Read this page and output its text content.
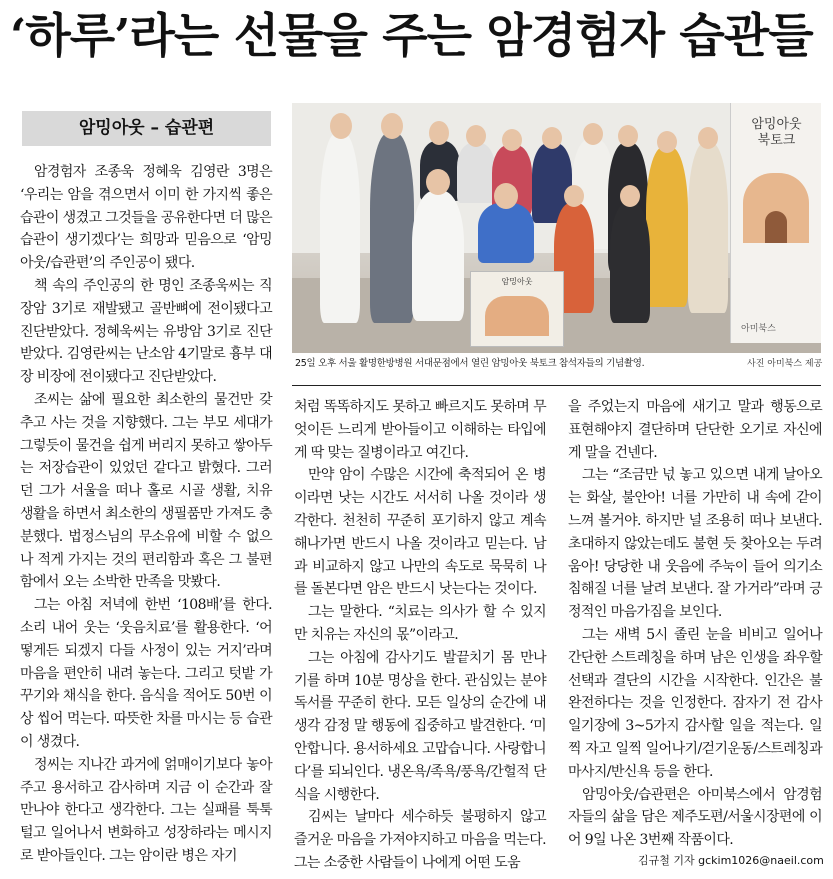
‘하루’라는 선물을 주는 암경험자 습관들
암밍아웃 – 습관편
암밍아웃
암밍아웃
북토크
아미북스
25일 오후 서울 활명한방병원 서대문점에서 열린 암밍아웃 북토크 참석자들의 기념촬영.	사진 아미북스 제공

암경험자 조종욱 정혜욱 김영란 3명은 ‘우리는 암을 겪으면서 이미 한 가지씩 좋은 습관이 생겼고 그것들을 공유한다면 더 많은 습관이 생기겠다’는 희망과 믿음으로 ‘암밍아웃/습관편’의 주인공이 됐다.

책 속의 주인공의 한 명인 조종욱씨는 직장암 3기로 재발됐고 골반뼈에 전이됐다고 진단받았다. 정혜욱씨는 유방암 3기로 진단받았다. 김영란씨는 난소암 4기말로 흉부 대장 비장에 전이됐다고 진단받았다.

조씨는 삶에 필요한 최소한의 물건만 갖추고 사는 것을 지향했다. 그는 부모 세대가 그렇듯이 물건을 쉽게 버리지 못하고 쌓아두는 저장습관이 있었던 같다고 밝혔다. 그러던 그가 서울을 떠나 홀로 시골 생활, 치유 생활을 하면서 최소한의 생필품만 가져도 충분했다. 법정스님의 무소유에 비할 수 없으나 적게 가지는 것의 편리함과 혹은 그 불편함에서 오는 소박한 만족을 맛봤다.

그는 아침 저녁에 한번 ‘108배’를 한다. 소리 내어 웃는 ‘웃음치료’를 활용한다. ‘어떻게든 되겠지 다들 사정이 있는 거지’라며 마음을 편안히 내려 놓는다. 그리고 텃밭 가꾸기와 채식을 한다. 음식을 적어도 50번 이상 씹어 먹는다. 따뜻한 차를 마시는 등 습관이 생겼다.

정씨는 지나간 과거에 얽매이기보다 놓아주고 용서하고 감사하며 지금 이 순간과 잘 만나야 한다고 생각한다. 그는 실패를 툭툭 털고 일어나서 변화하고 성장하라는 메시지로 받아들인다. 그는 암이란 병은 자기

처럼 똑똑하지도 못하고 빠르지도 못하며 무엇이든 느리게 받아들이고 이해하는 타입에게 딱 맞는 질병이라고 여긴다.

만약 암이 수많은 시간에 축적되어 온 병이라면 낫는 시간도 서서히 나올 것이라 생각한다. 천천히 꾸준히 포기하지 않고 계속 해나가면 반드시 나올 것이라고 믿는다. 남과 비교하지 않고 나만의 속도로 묵묵히 나를 돌본다면 암은 반드시 낫는다는 것이다.

그는 말한다. “치료는 의사가 할 수 있지만 치유는 자신의 몫”이라고.

그는 아침에 감사기도 발끝치기 몸 만나기를 하며 10분 명상을 한다. 관심있는 분야 독서를 꾸준히 한다. 모든 일상의 순간에 내 생각 감정 말 행동에 집중하고 발견한다. ‘미안합니다. 용서하세요 고맙습니다. 사랑합니다’를 되뇌인다. 냉온욕/족욕/풍욕/간헐적 단식을 시행한다.

김씨는 날마다 세수하듯 불평하지 않고 즐거운 마음을 가져야지하고 마음을 먹는다. 그는 소중한 사람들이 나에게 어떤 도움

을 주었는지 마음에 새기고 말과 행동으로 표현해야지 결단하며 단단한 오기로 자신에게 말을 건넨다.

그는 “조금만 넋 놓고 있으면 내게 날아오는 화살, 불안아! 너를 가만히 내 속에 갇이 느껴 볼거야. 하지만 널 조용히 떠나 보낸다. 초대하지 않았는데도 불현 듯 찾아오는 두려움아! 당당한 내 웃음에 주눅이 들어 의기소침해질 너를 날려 보낸다. 잘 가거라”라며 긍정적인 마음가짐을 보인다.

그는 새벽 5시 졸린 눈을 비비고 일어나 간단한 스트레칭을 하며 남은 인생을 좌우할 선택과 결단의 시간을 시작한다. 인간은 불완전하다는 것을 인정한다. 잠자기 전 감사일기장에 3~5가지 감사할 일을 적는다. 일찍 자고 일찍 일어나기/걷기운동/스트레칭과 마사지/반신욕 등을 한다.

암밍아웃/습관편은 아미북스에서 암경험자들의 삶을 담은 제주도편/서울시장편에 이어 9일 나온 3번째 작품이다.

김규철 기자 gckim1026@naeil.com
